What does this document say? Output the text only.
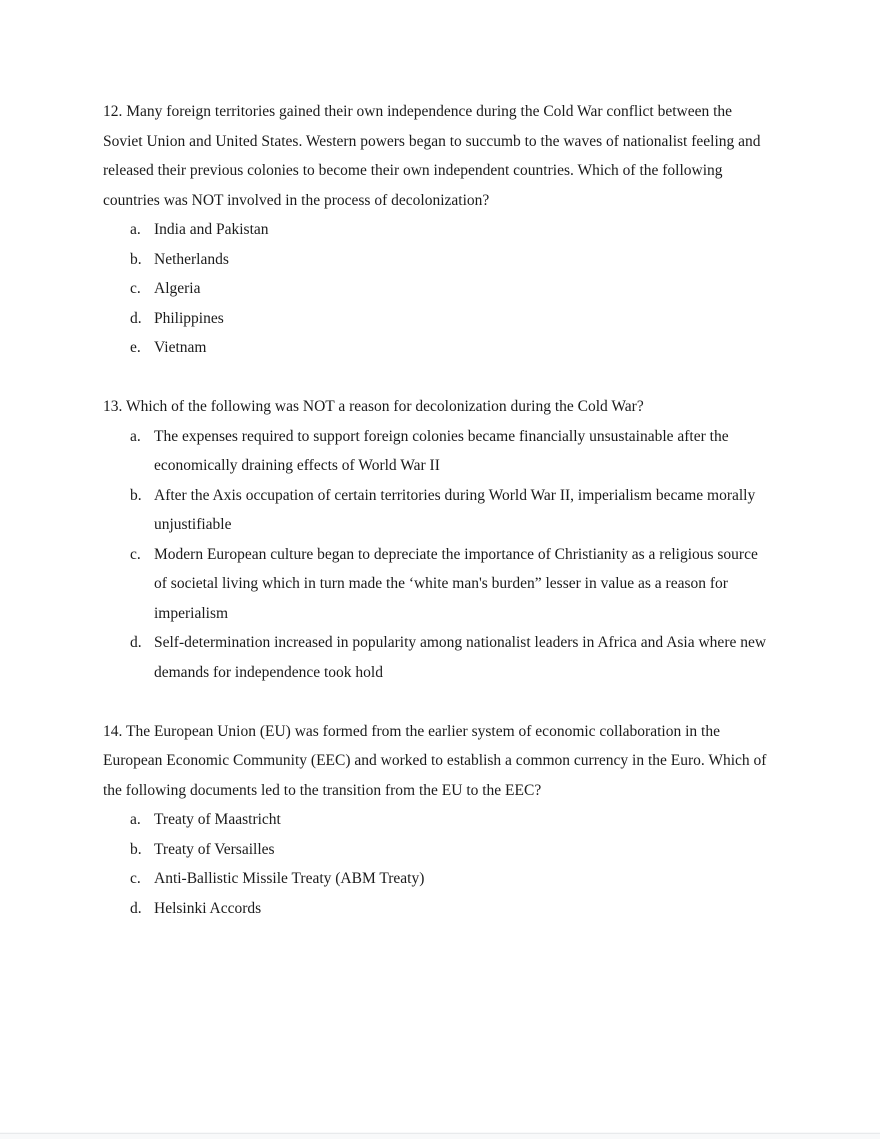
12. Many foreign territories gained their own independence during the Cold War conflict between the Soviet Union and United States. Western powers began to succumb to the waves of nationalist feeling and released their previous colonies to become their own independent countries. Which of the following countries was NOT involved in the process of decolonization?

a. India and Pakistan
b. Netherlands
c. Algeria
d. Philippines
e. Vietnam

13. Which of the following was NOT a reason for decolonization during the Cold War?

a. The expenses required to support foreign colonies became financially unsustainable after the economically draining effects of World War II
b. After the Axis occupation of certain territories during World War II, imperialism became morally unjustifiable
c. Modern European culture began to depreciate the importance of Christianity as a religious source of societal living which in turn made the ‘white man's burden” lesser in value as a reason for imperialism
d. Self-determination increased in popularity among nationalist leaders in Africa and Asia where new demands for independence took hold

14. The European Union (EU) was formed from the earlier system of economic collaboration in the European Economic Community (EEC) and worked to establish a common currency in the Euro. Which of the following documents led to the transition from the EU to the EEC?

a. Treaty of Maastricht
b. Treaty of Versailles
c. Anti-Ballistic Missile Treaty (ABM Treaty)
d. Helsinki Accords
